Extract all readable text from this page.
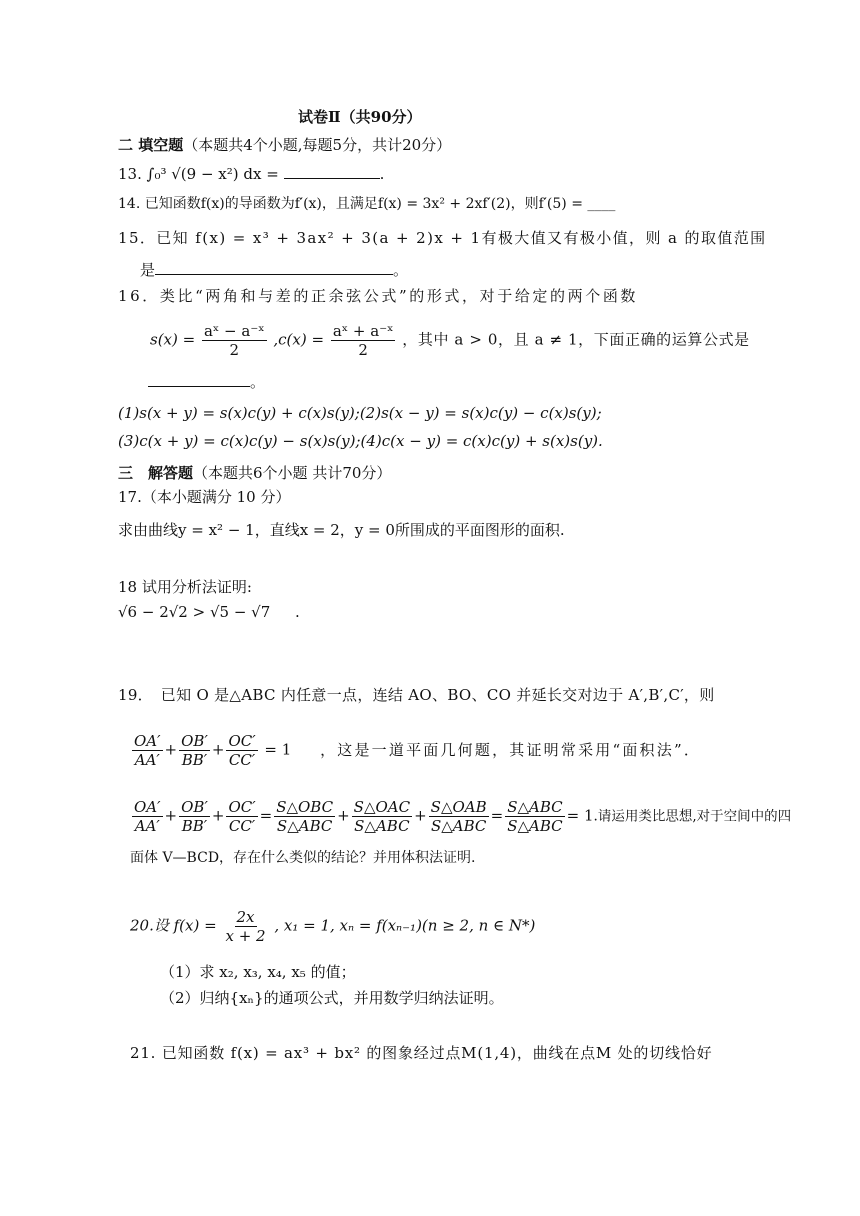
试卷Ⅱ（共90分）
二 填空题（本题共4个小题,每题5分，共计20分）
13. ∫₀³ √(9 − x²) dx =	.
14. 已知函数f(x)的导函数为f′(x)，且满足f(x) = 3x² + 2xf′(2)，则f′(5) = ____
15．已知 f(x) = x³ + 3ax² + 3(a + 2)x + 1有极大值又有极小值，则 a 的取值范围
是	。
16．类比“两角和与差的正余弦公式”的形式，对于给定的两个函数
$s(x) = \frac{\text{aˣ − a⁻ˣ}}{2} ,c(x) = \frac{\text{aˣ + a⁻ˣ}}{2}$ ，其中 a > 0，且 a ≠ 1，下面正确的运算公式是
。
(1)s(x + y) = s(x)c(y) + c(x)s(y);(2)s(x − y) = s(x)c(y) − c(x)s(y);
(3)c(x + y) = c(x)c(y) − s(x)s(y);(4)c(x − y) = c(x)c(y) + s(x)s(y).
三　解答题（本题共6个小题 共计70分）
17.（本小题满分 10 分）
求由曲线y = x² − 1，直线x = 2，y = 0所围成的平面图形的面积.
18 试用分析法证明:
√6 − 2√2 > √5 − √7 .
19．　已知 O 是△ABC 内任意一点，连结 AO、BO、CO 并延长交对边于 A′,B′,C′，则
$\frac{OA'}{AA'} + \frac{OB'}{BB'} + \frac{OC'}{CC'} = 1$ ，这是一道平面几何题，其证明常采用“面积法”．
$\frac{OA'}{AA'} + \frac{OB'}{BB'} + \frac{OC'}{CC'} = \frac{\text{S△OBC}}{\text{S△ABC}} + \frac{\text{S△OAC}}{\text{S△ABC}} + \frac{\text{S△OAB}}{\text{S△ABC}} = \frac{\text{S△ABC}}{\text{S△ABC}} = 1$.请运用类比思想,对于空间中的四
面体 V—BCD，存在什么类似的结论？并用体积法证明.
20.设 $f(x) = \frac{2x}{x + 2}$ , x₁ = 1, xₙ = f(xₙ₋₁)(n ≥ 2, n ∈ N*)
（1）求 x₂, x₃, x₄, x₅ 的值；
（2）归纳{xₙ}的通项公式，并用数学归纳法证明。
21. 已知函数 f(x) = ax³ + bx² 的图象经过点M(1,4)，曲线在点M 处的切线恰好
